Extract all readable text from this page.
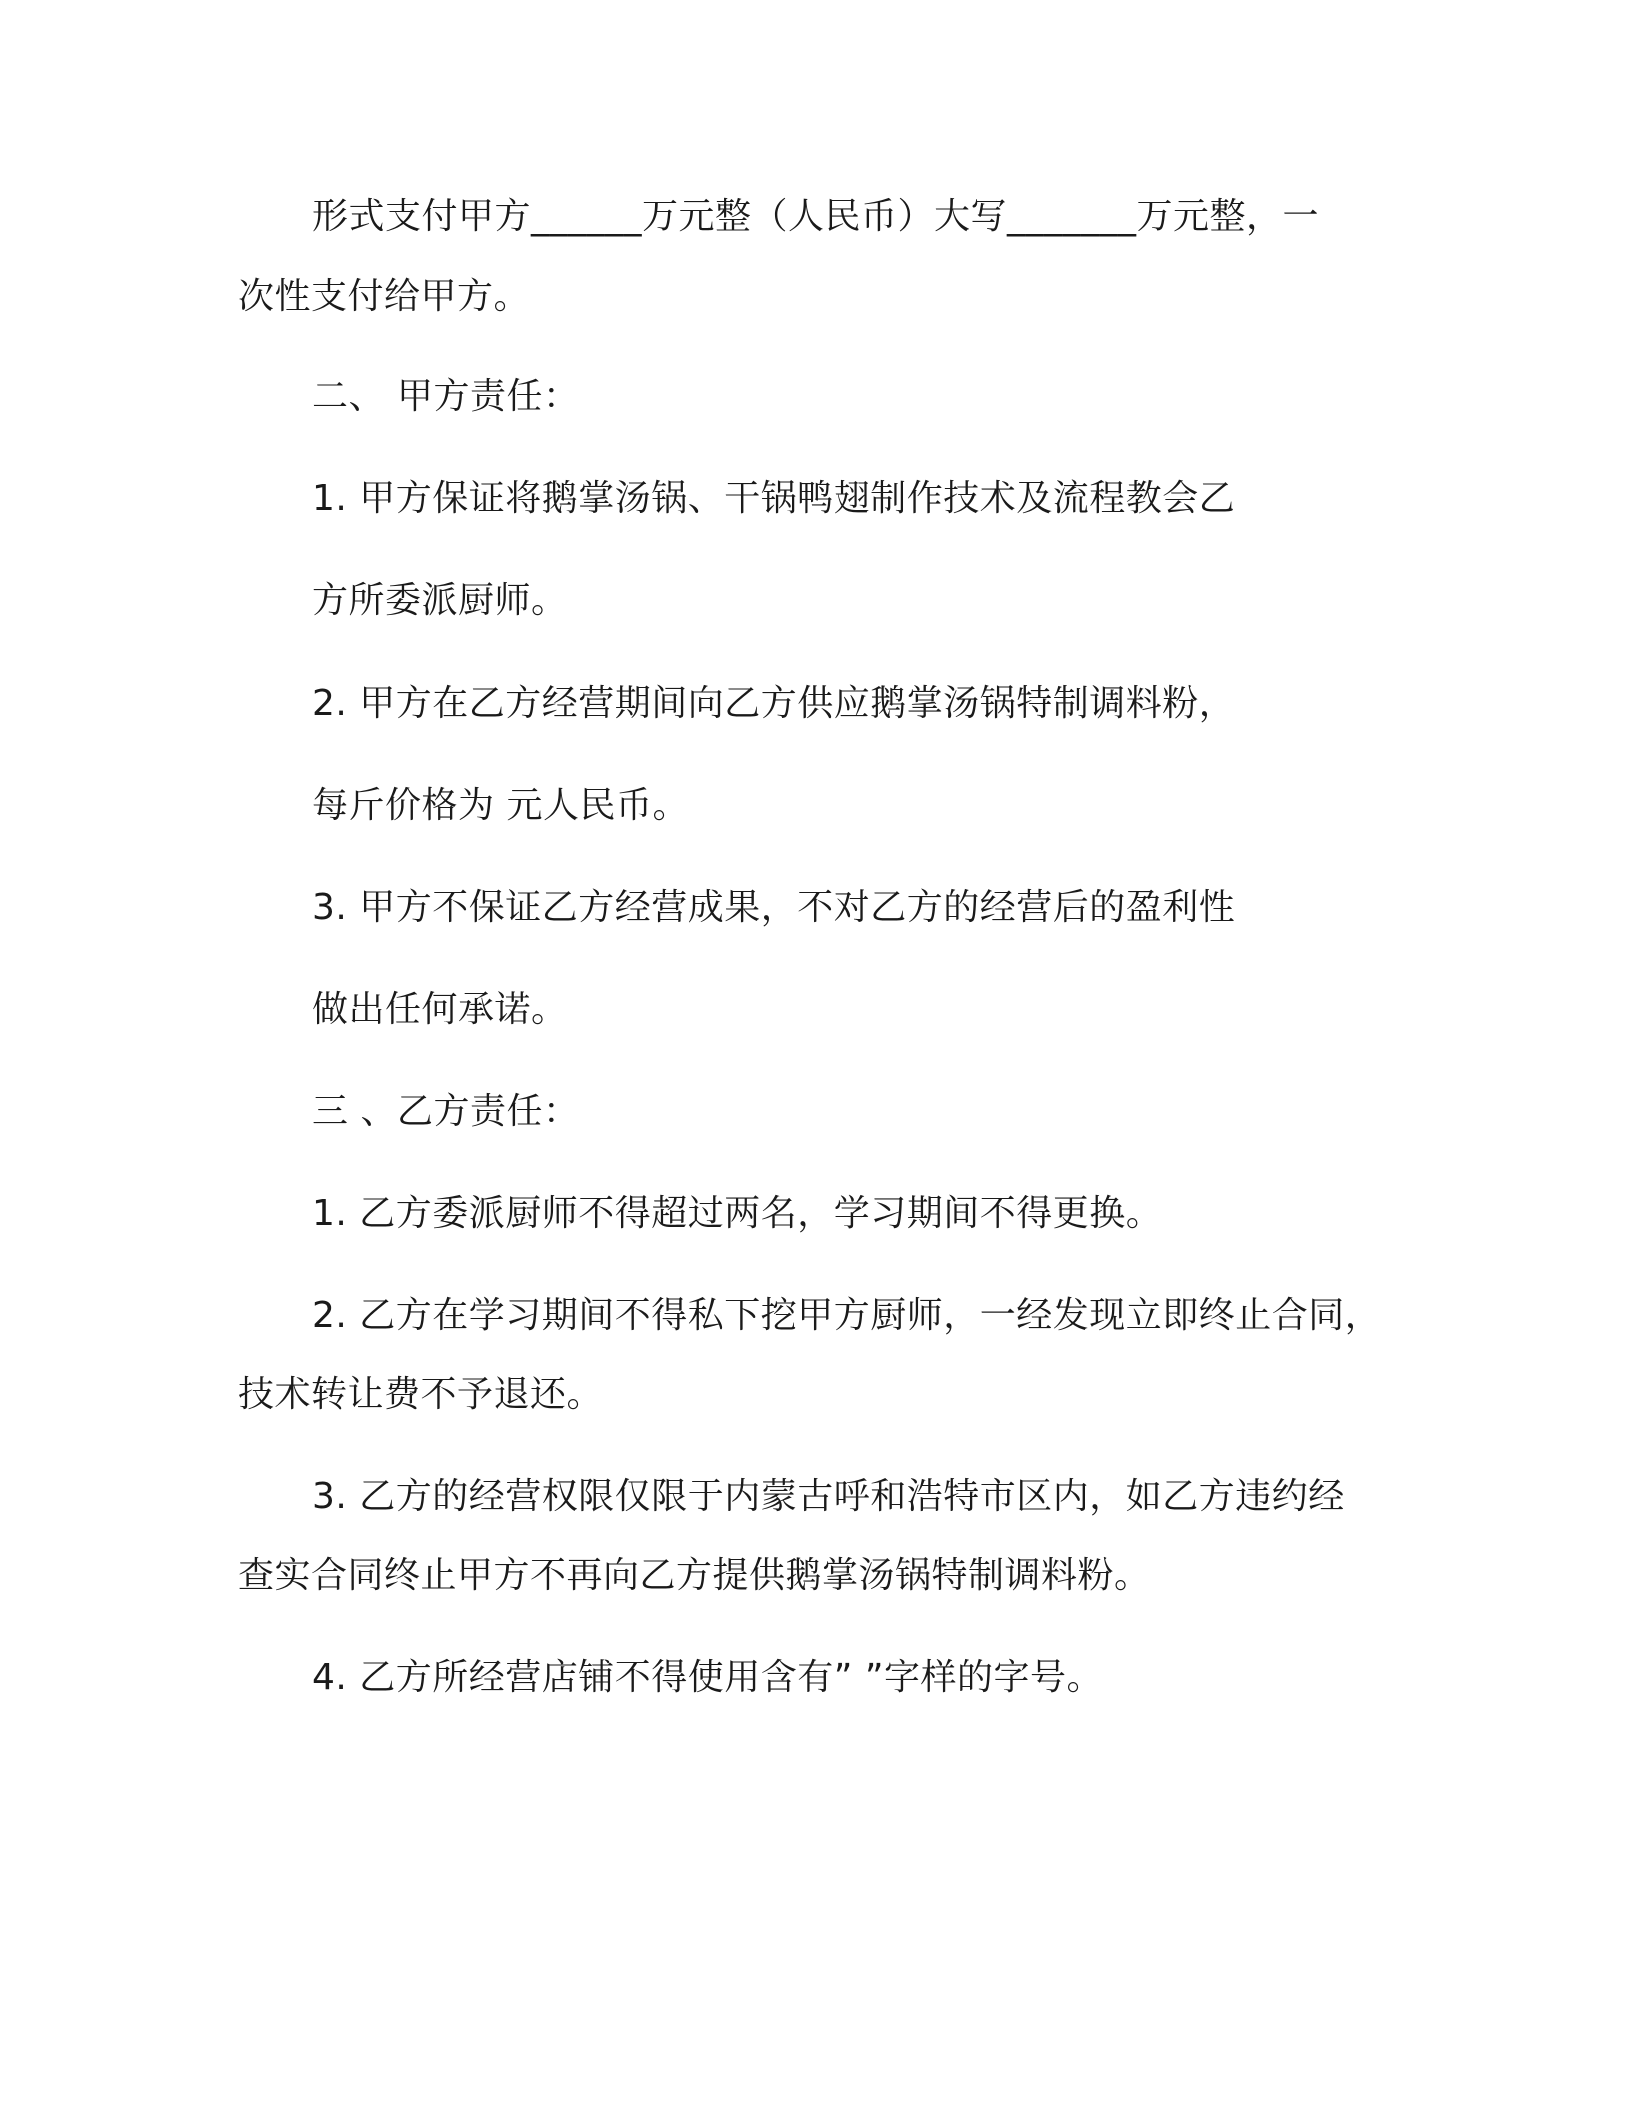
形式支付甲方______万元整（人民币）大写_______万元整，一
次性支付给甲方。
二、 甲方责任：
1. 甲方保证将鹅掌汤锅、干锅鸭翅制作技术及流程教会乙
方所委派厨师。
2. 甲方在乙方经营期间向乙方供应鹅掌汤锅特制调料粉，
每斤价格为 元人民币。
3. 甲方不保证乙方经营成果，不对乙方的经营后的盈利性
做出任何承诺。
三 、乙方责任：
1. 乙方委派厨师不得超过两名，学习期间不得更换。
2. 乙方在学习期间不得私下挖甲方厨师，一经发现立即终止合同，
技术转让费不予退还。
3. 乙方的经营权限仅限于内蒙古呼和浩特市区内，如乙方违约经
查实合同终止甲方不再向乙方提供鹅掌汤锅特制调料粉。
4. 乙方所经营店铺不得使用含有” ”字样的字号。
